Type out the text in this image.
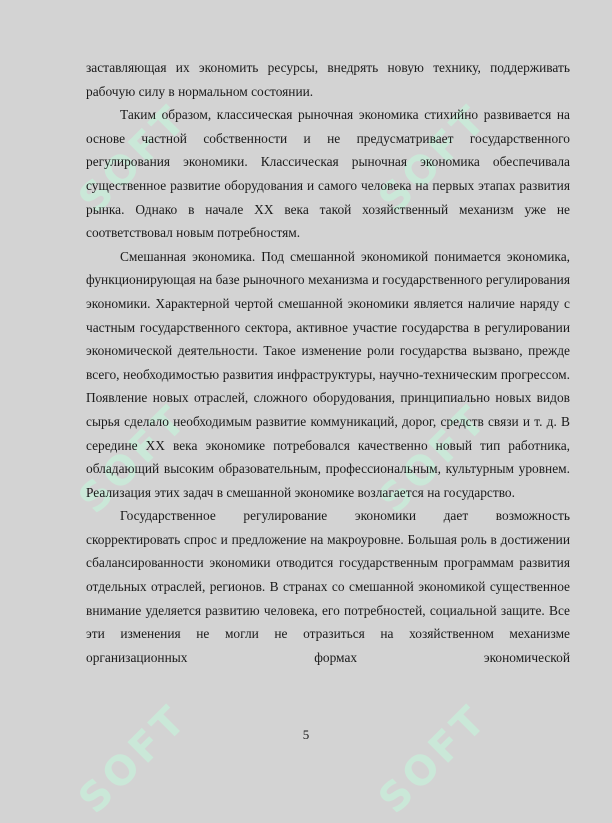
SOFT	SOFT
SOFT	SOFT
SOFT	SOFT

заставляющая их экономить ресурсы, внедрять новую технику, поддерживать рабочую силу в нормальном состоянии.

Таким образом, классическая рыночная экономика стихийно развивается на основе частной собственности и не предусматривает государственного регулирования экономики. Классическая рыночная экономика обеспечивала существенное развитие оборудования и самого человека на первых этапах развития рынка. Однако в начале XX века такой хозяйственный механизм уже не соответствовал новым потребностям.

Смешанная экономика. Под смешанной экономикой понимается экономика, функционирующая на базе рыночного механизма и государственного регулирования экономики. Характерной чертой смешанной экономики является наличие наряду с частным государственного сектора, активное участие государства в регулировании экономической деятельности. Такое изменение роли государства вызвано, прежде всего, необходимостью развития инфраструктуры, научно-техническим прогрессом. Появление новых отраслей, сложного оборудования, принципиально новых видов сырья сделало необходимым развитие коммуникаций, дорог, средств связи и т. д. В середине XX века экономике потребовался качественно новый тип работника, обладающий высоким образовательным, профессиональным, культурным уровнем. Реализация этих задач в смешанной экономике возлагается на государство.

Государственное регулирование экономики дает возможность скорректировать спрос и предложение на макроуровне. Большая роль в достижении сбалансированности экономики отводится государственным программам развития отдельных отраслей, регионов. В странах со смешанной экономикой существенное внимание уделяется развитию человека, его потребностей, социальной защите. Все эти изменения не могли не отразиться на хозяйственном механизме организационных формах экономической

5
